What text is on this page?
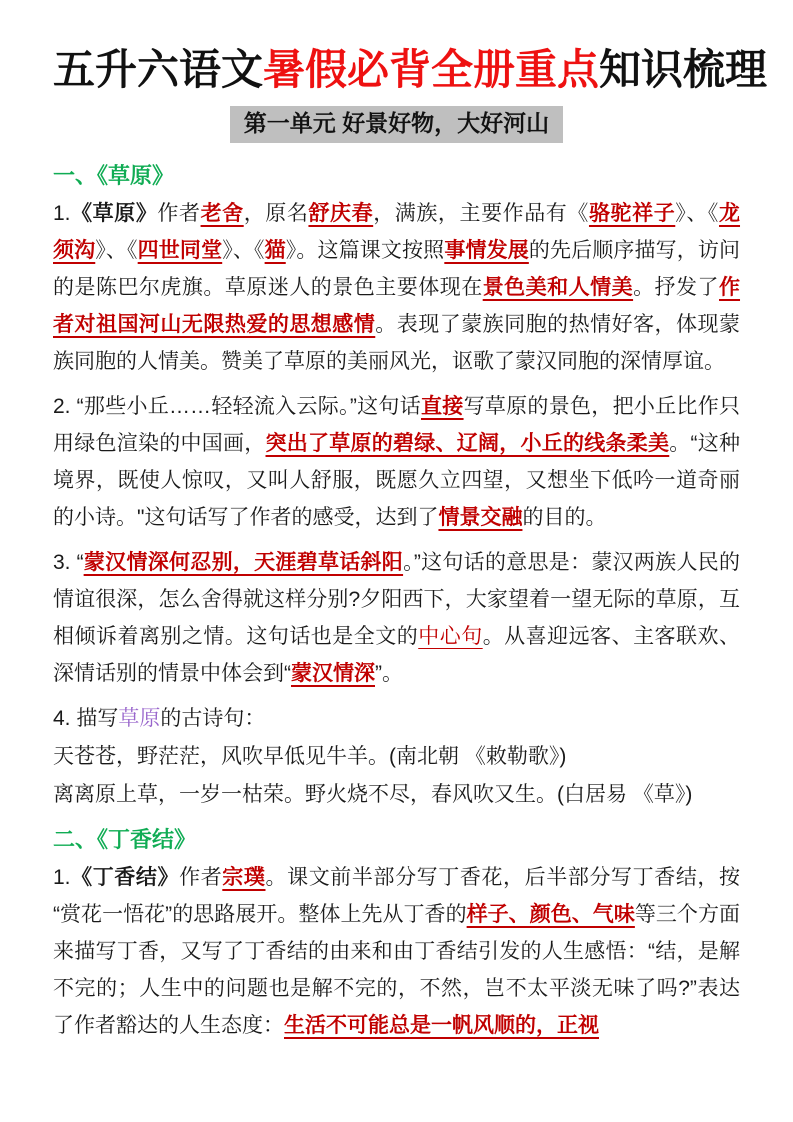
五升六语文暑假必背全册重点知识梳理
第一单元 好景好物，大好河山
一、《草原》

1.《草原》作者老舍，原名舒庆春，满族，主要作品有《骆驼祥子》、《龙须沟》、《四世同堂》、《猫》。这篇课文按照事情发展的先后顺序描写，访问的是陈巴尔虎旗。草原迷人的景色主要体现在景色美和人情美。抒发了作者对祖国河山无限热爱的思想感情。表现了蒙族同胞的热情好客，体现蒙族同胞的人情美。赞美了草原的美丽风光，讴歌了蒙汉同胞的深情厚谊。

2. “那些小丘……轻轻流入云际。”这句话直接写草原的景色，把小丘比作只用绿色渲染的中国画，突出了草原的碧绿、辽阔，小丘的线条柔美。“这种境界，既使人惊叹，又叫人舒服，既愿久立四望，又想坐下低吟一道奇丽的小诗。"这句话写了作者的感受，达到了情景交融的目的。

3. “蒙汉情深何忍别，天涯碧草话斜阳。”这句话的意思是：蒙汉两族人民的情谊很深，怎么舍得就这样分别?夕阳西下，大家望着一望无际的草原，互相倾诉着离别之情。这句话也是全文的中心句。从喜迎远客、主客联欢、深情话别的情景中体会到“蒙汉情深”。

4. 描写草原的古诗句：

天苍苍，野茫茫，风吹早低见牛羊。(南北朝 《敕勒歌》)

离离原上草，一岁一枯荣。野火烧不尽，春风吹又生。(白居易 《草》)

二、《丁香结》

1.《丁香结》作者宗璞。课文前半部分写丁香花，后半部分写丁香结，按“赏花一悟花”的思路展开。整体上先从丁香的样子、颜色、气味等三个方面来描写丁香，又写了丁香结的由来和由丁香结引发的人生感悟：“结，是解不完的；人生中的问题也是解不完的，不然，岂不太平淡无味了吗?”表达了作者豁达的人生态度：生活不可能总是一帆风顺的，正视
